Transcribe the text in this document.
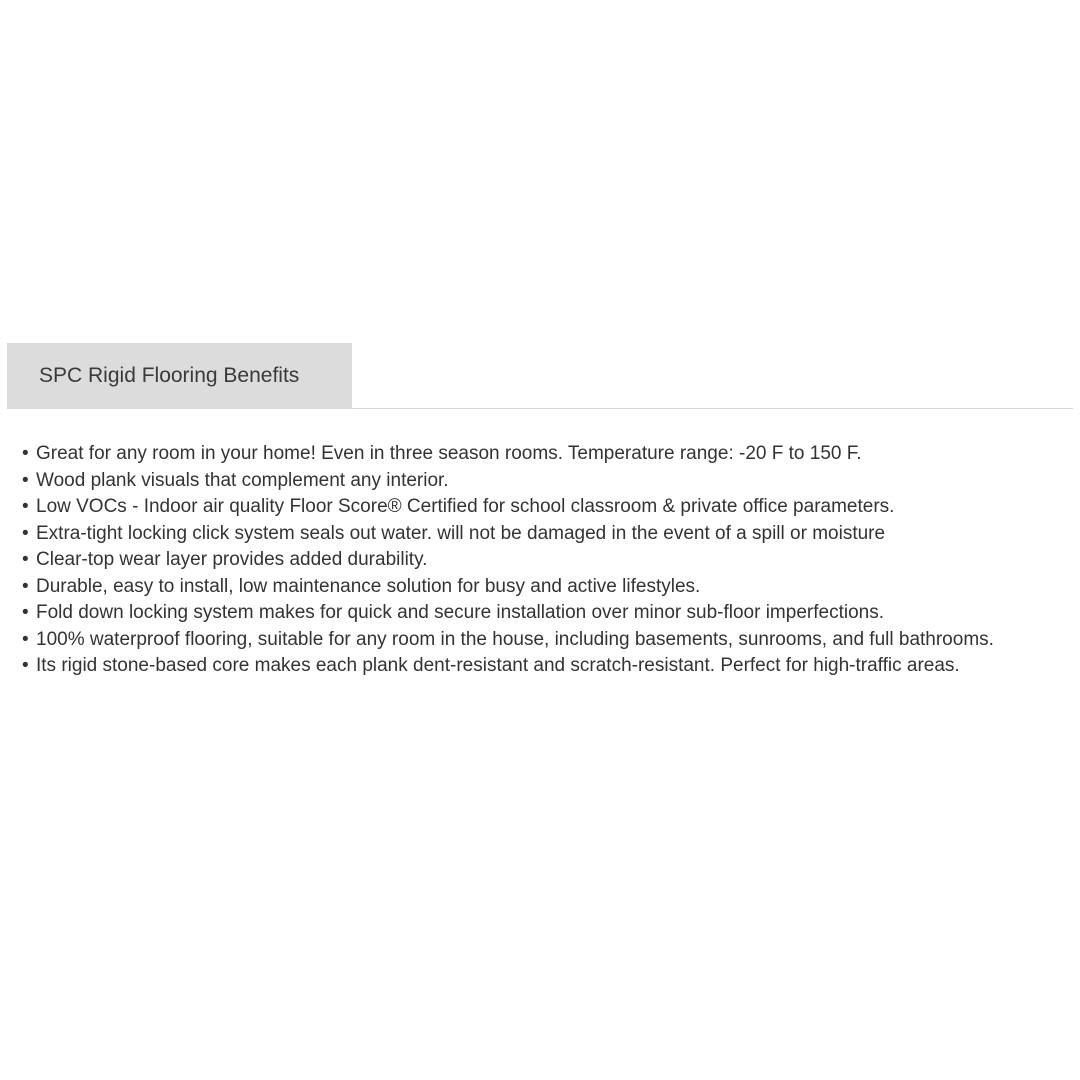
SPC Rigid Flooring Benefits
• Great for any room in your home! Even in three season rooms. Temperature range: -20 F to 150 F.
• Wood plank visuals that complement any interior.
• Low VOCs - Indoor air quality Floor Score® Certified for school classroom & private office parameters.
• Extra-tight locking click system seals out water. will not be damaged in the event of a spill or moisture
• Clear-top wear layer provides added durability.
• Durable, easy to install, low maintenance solution for busy and active lifestyles.
• Fold down locking system makes for quick and secure installation over minor sub-floor imperfections.
• 100% waterproof flooring, suitable for any room in the house, including basements, sunrooms, and full bathrooms.
• Its rigid stone-based core makes each plank dent-resistant and scratch-resistant. Perfect for high-traffic areas.
